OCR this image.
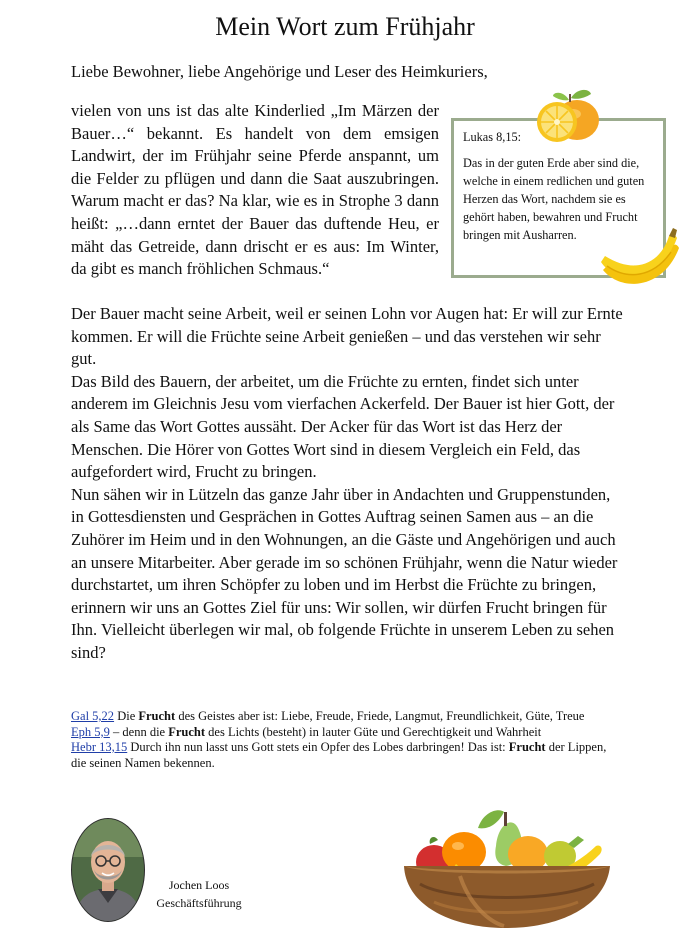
Mein Wort zum Frühjahr
Liebe Bewohner, liebe Angehörige und Leser des Heimkuriers,

vielen von uns ist das alte Kinderlied „Im Märzen der Bauer…“ bekannt. Es handelt von dem emsigen Landwirt, der im Frühjahr seine Pferde anspannt, um die Felder zu pflügen und dann die Saat auszubringen. Warum macht er das? Na klar, wie es in Strophe 3 dann heißt: „…dann erntet der Bauer das duftende Heu, er mäht das Getreide, dann drischt er es aus: Im Winter, da gibt es manch fröhlichen Schmaus.“

Lukas 8,15:
Das in der guten Erde aber sind die, welche in einem redlichen und guten Herzen das Wort, nachdem sie es gehört haben, bewahren und Frucht bringen mit Ausharren.

Der Bauer macht seine Arbeit, weil er seinen Lohn vor Augen hat: Er will zur Ernte kommen. Er will die Früchte seine Arbeit genießen – und das verstehen wir sehr gut.

Das Bild des Bauern, der arbeitet, um die Früchte zu ernten, findet sich unter anderem im Gleichnis Jesu vom vierfachen Ackerfeld. Der Bauer ist hier Gott, der als Same das Wort Gottes aussäht. Der Acker für das Wort ist das Herz der Menschen. Die Hörer von Gottes Wort sind in diesem Vergleich ein Feld, das aufgefordert wird, Frucht zu bringen.

Nun sähen wir in Lützeln das ganze Jahr über in Andachten und Gruppenstunden, in Gottesdiensten und Gesprächen in Gottes Auftrag seinen Samen aus – an die Zuhörer im Heim und in den Wohnungen, an die Gäste und Angehörigen und auch an unsere Mitarbeiter. Aber gerade im so schönen Frühjahr, wenn die Natur wieder durchstartet, um ihren Schöpfer zu loben und im Herbst die Früchte zu bringen, erinnern wir uns an Gottes Ziel für uns: Wir sollen, wir dürfen Frucht bringen für Ihn. Vielleicht überlegen wir mal, ob folgende Früchte in unserem Leben zu sehen sind?

Gal 5,22 Die Frucht des Geistes aber ist: Liebe, Freude, Friede, Langmut, Freundlichkeit, Güte, Treue

Eph 5,9 – denn die Frucht des Lichts (besteht) in lauter Güte und Gerechtigkeit und Wahrheit

Hebr 13,15 Durch ihn nun lasst uns Gott stets ein Opfer des Lobes darbringen! Das ist: Frucht der Lippen, die seinen Namen bekennen.

Jochen Loos
Geschäftsführung
